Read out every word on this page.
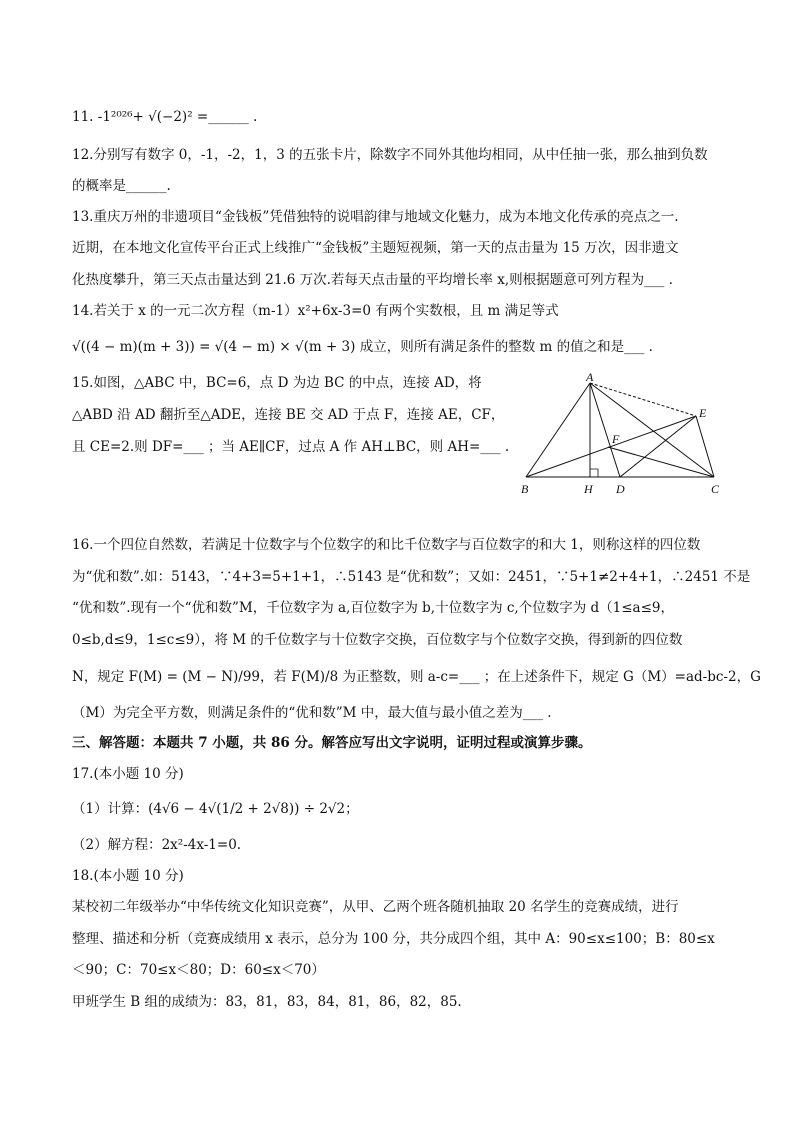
11. -1²⁰²⁶+ √(−2)² =______ .
12.分别写有数字 0，-1，-2，1，3 的五张卡片，除数字不同外其他均相同，从中任抽一张，那么抽到负数
的概率是______.
13.重庆万州的非遗项目“金钱板”凭借独特的说唱韵律与地域文化魅力，成为本地文化传承的亮点之一.
近期，在本地文化宣传平台正式上线推广“金钱板”主题短视频，第一天的点击量为 15 万次，因非遗文
化热度攀升，第三天点击量达到 21.6 万次.若每天点击量的平均增长率 x,则根据题意可列方程为___ .
14.若关于 x 的一元二次方程（m-1）x²+6x-3=0 有两个实数根，且 m 满足等式
√((4 − m)(m + 3)) = √(4 − m) × √(m + 3) 成立，则所有满足条件的整数 m 的值之和是___ .
15.如图，△ABC 中，BC=6，点 D 为边 BC 的中点，连接 AD，将
△ABD 沿 AD 翻折至△ADE，连接 BE 交 AD 于点 F，连接 AE，CF，
且 CE=2.则 DF=___ ；当 AE∥CF，过点 A 作 AH⊥BC，则 AH=___ .
16.一个四位自然数，若满足十位数字与个位数字的和比千位数字与百位数字的和大 1，则称这样的四位数
为“优和数”.如：5143，∵4+3=5+1+1，∴5143 是“优和数”；又如：2451，∵5+1≠2+4+1，∴2451 不是
“优和数”.现有一个“优和数”M，千位数字为 a,百位数字为 b,十位数字为 c,个位数字为 d（1≤a≤9，
0≤b,d≤9，1≤c≤9），将 M 的千位数字与十位数字交换，百位数字与个位数字交换，得到新的四位数
N，规定 F(M) = (M − N)/99，若 F(M)/8 为正整数，则 a-c=___ ；在上述条件下，规定 G（M）=ad-bc-2，G
（M）为完全平方数，则满足条件的“优和数”M 中，最大值与最小值之差为___ .
三、解答题：本题共 7 小题，共 86 分。解答应写出文字说明，证明过程或演算步骤。
17.(本小题 10 分)
（1）计算：(4√6 − 4√(1/2 + 2√8)) ÷ 2√2；
（2）解方程：2x²-4x-1=0.
18.(本小题 10 分)
某校初二年级举办“中华传统文化知识竞赛”，从甲、乙两个班各随机抽取 20 名学生的竞赛成绩，进行
整理、描述和分析（竞赛成绩用 x 表示，总分为 100 分，共分成四个组，其中 A：90≤x≤100；B：80≤x
＜90；C：70≤x＜80；D：60≤x＜70）
甲班学生 B 组的成绩为：83，81，83，84，81，86，82，85.
A
E
F
B	H D	C
